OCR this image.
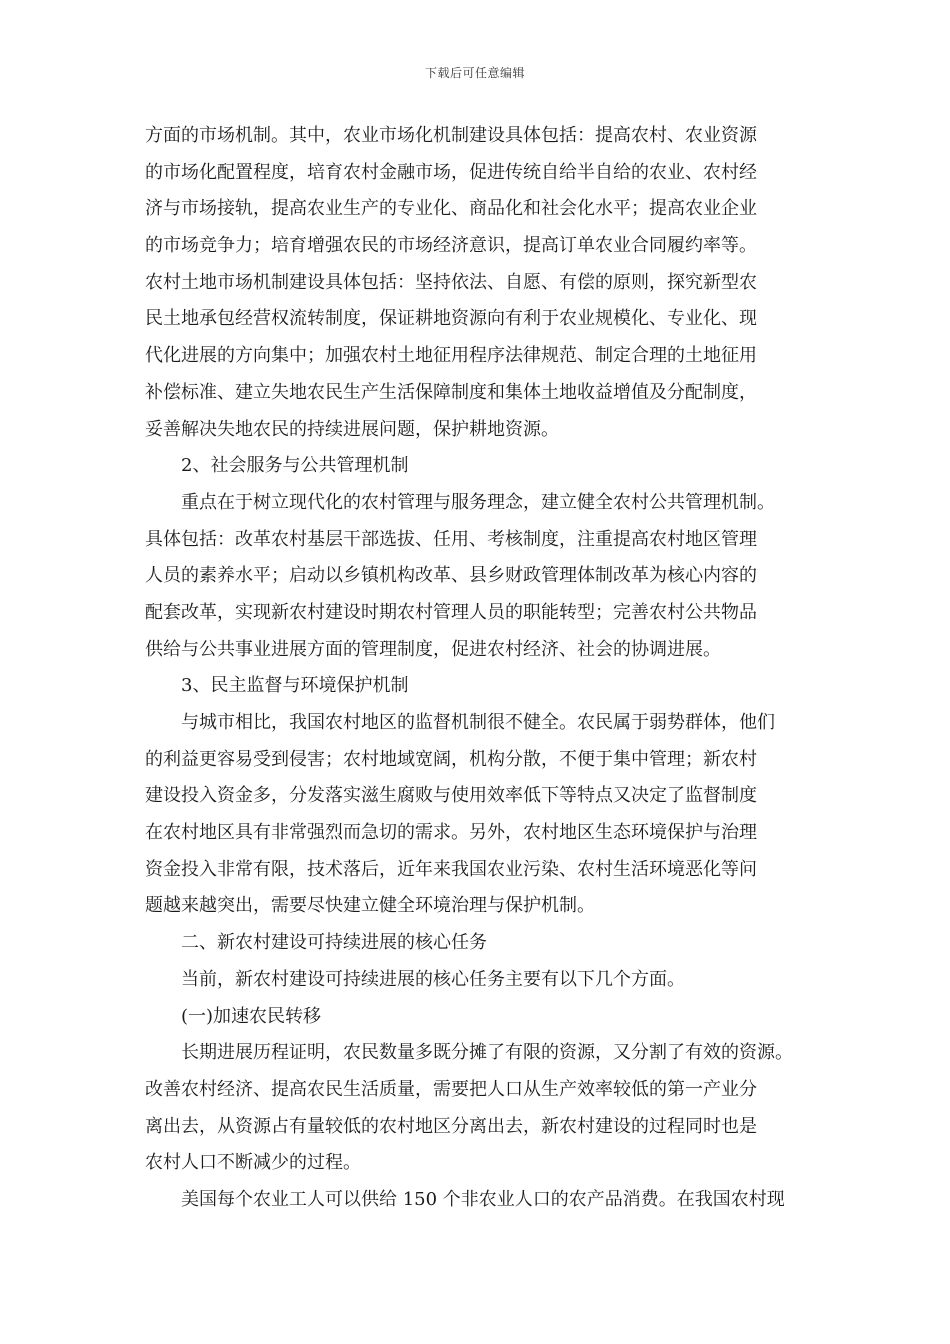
下载后可任意编辑
方面的市场机制。其中，农业市场化机制建设具体包括：提高农村、农业资源
的市场化配置程度，培育农村金融市场，促进传统自给半自给的农业、农村经
济与市场接轨，提高农业生产的专业化、商品化和社会化水平；提高农业企业
的市场竞争力；培育增强农民的市场经济意识，提高订单农业合同履约率等。
农村土地市场机制建设具体包括：坚持依法、自愿、有偿的原则，探究新型农
民土地承包经营权流转制度，保证耕地资源向有利于农业规模化、专业化、现
代化进展的方向集中；加强农村土地征用程序法律规范、制定合理的土地征用
补偿标准、建立失地农民生产生活保障制度和集体土地收益增值及分配制度，
妥善解决失地农民的持续进展问题，保护耕地资源。
2、社会服务与公共管理机制
重点在于树立现代化的农村管理与服务理念，建立健全农村公共管理机制。
具体包括：改革农村基层干部选拔、任用、考核制度，注重提高农村地区管理
人员的素养水平；启动以乡镇机构改革、县乡财政管理体制改革为核心内容的
配套改革，实现新农村建设时期农村管理人员的职能转型；完善农村公共物品
供给与公共事业进展方面的管理制度，促进农村经济、社会的协调进展。
3、民主监督与环境保护机制
与城市相比，我国农村地区的监督机制很不健全。农民属于弱势群体，他们
的利益更容易受到侵害；农村地域宽阔，机构分散，不便于集中管理；新农村
建设投入资金多，分发落实滋生腐败与使用效率低下等特点又决定了监督制度
在农村地区具有非常强烈而急切的需求。另外，农村地区生态环境保护与治理
资金投入非常有限，技术落后，近年来我国农业污染、农村生活环境恶化等问
题越来越突出，需要尽快建立健全环境治理与保护机制。
二、新农村建设可持续进展的核心任务
当前，新农村建设可持续进展的核心任务主要有以下几个方面。
(一)加速农民转移
长期进展历程证明，农民数量多既分摊了有限的资源，又分割了有效的资源。
改善农村经济、提高农民生活质量，需要把人口从生产效率较低的第一产业分
离出去，从资源占有量较低的农村地区分离出去，新农村建设的过程同时也是
农村人口不断减少的过程。
美国每个农业工人可以供给 150 个非农业人口的农产品消费。在我国农村现
